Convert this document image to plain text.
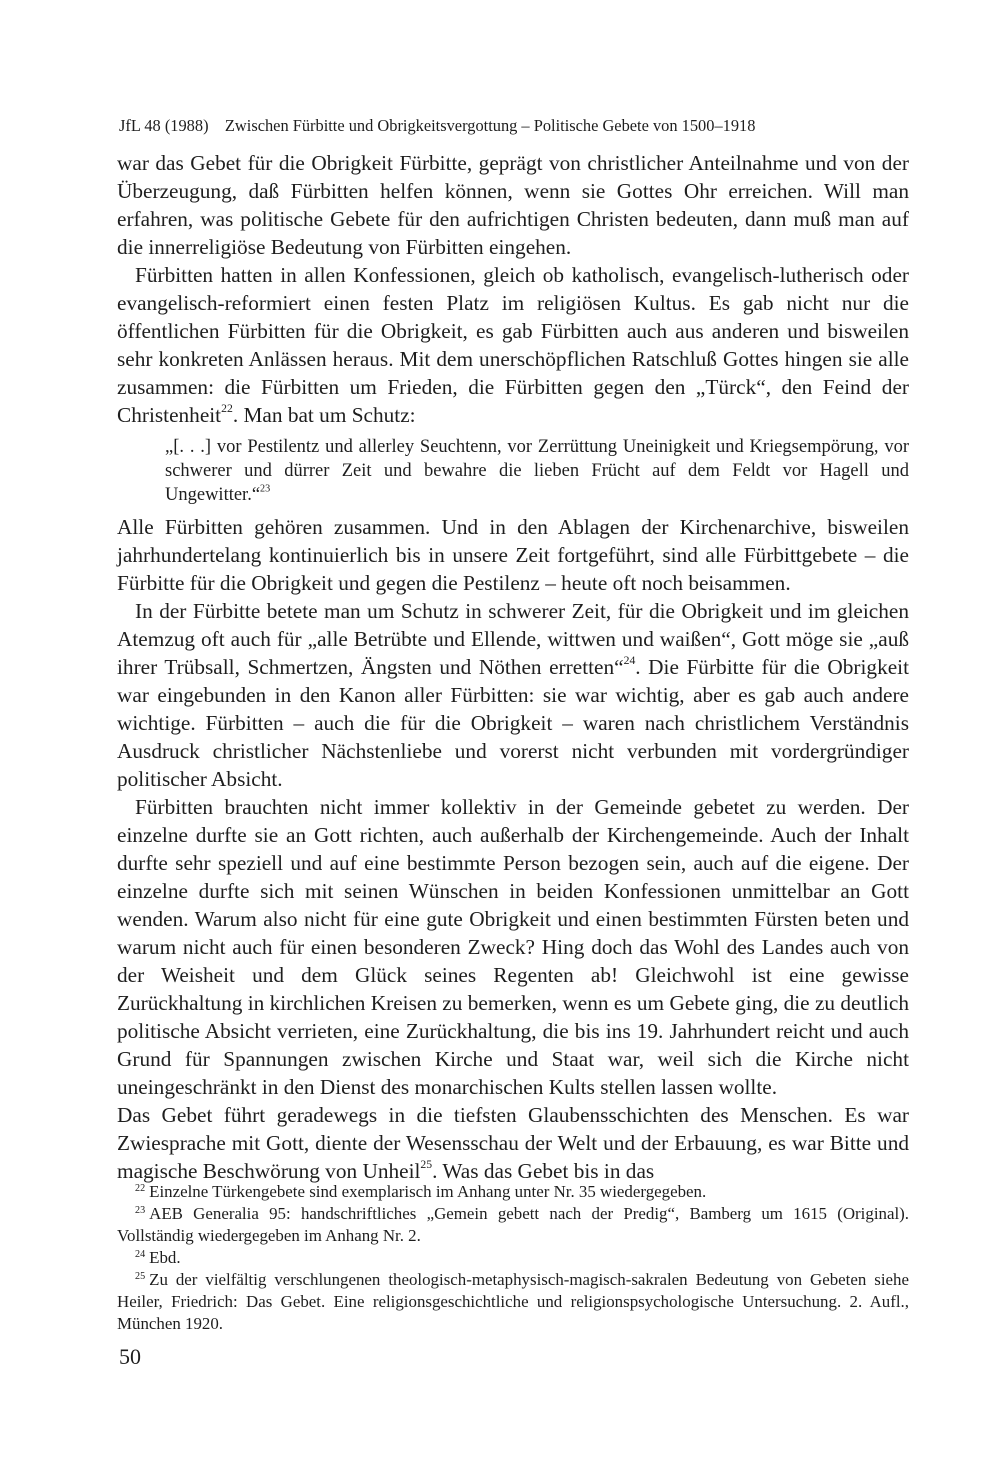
JfL 48 (1988)    Zwischen Fürbitte und Obrigkeitsvergottung – Politische Gebete von 1500–1918

war das Gebet für die Obrigkeit Fürbitte, geprägt von christlicher Anteilnahme und von der Überzeugung, daß Fürbitten helfen können, wenn sie Gottes Ohr erreichen. Will man erfahren, was politische Gebete für den aufrichtigen Christen bedeuten, dann muß man auf die innerreligiöse Bedeutung von Fürbitten eingehen.

Fürbitten hatten in allen Konfessionen, gleich ob katholisch, evangelisch-lutherisch oder evangelisch-reformiert einen festen Platz im religiösen Kultus. Es gab nicht nur die öffentlichen Fürbitten für die Obrigkeit, es gab Fürbitten auch aus anderen und bisweilen sehr konkreten Anlässen heraus. Mit dem unerschöpflichen Ratschluß Gottes hingen sie alle zusammen: die Fürbitten um Frieden, die Fürbitten gegen den „Türck“, den Feind der Christenheit$^{22}$. Man bat um Schutz:

„[. . .] vor Pestilentz und allerley Seuchtenn, vor Zerrüttung Uneinigkeit und Kriegsempörung, vor schwerer und dürrer Zeit und bewahre die lieben Frücht auf dem Feldt vor Hagell und Ungewitter.“$^{23}$

Alle Fürbitten gehören zusammen. Und in den Ablagen der Kirchenarchive, bisweilen jahrhundertelang kontinuierlich bis in unsere Zeit fortgeführt, sind alle Fürbittgebete – die Fürbitte für die Obrigkeit und gegen die Pestilenz – heute oft noch beisammen.

In der Fürbitte betete man um Schutz in schwerer Zeit, für die Obrigkeit und im gleichen Atemzug oft auch für „alle Betrübte und Ellende, wittwen und waißen“, Gott möge sie „auß ihrer Trübsall, Schmertzen, Ängsten und Nöthen erretten“$^{24}$. Die Fürbitte für die Obrigkeit war eingebunden in den Kanon aller Fürbitten: sie war wichtig, aber es gab auch andere wichtige. Fürbitten – auch die für die Obrigkeit – waren nach christlichem Verständnis Ausdruck christlicher Nächstenliebe und vorerst nicht verbunden mit vordergründiger politischer Absicht.

Fürbitten brauchten nicht immer kollektiv in der Gemeinde gebetet zu werden. Der einzelne durfte sie an Gott richten, auch außerhalb der Kirchengemeinde. Auch der Inhalt durfte sehr speziell und auf eine bestimmte Person bezogen sein, auch auf die eigene. Der einzelne durfte sich mit seinen Wünschen in beiden Konfessionen unmittelbar an Gott wenden. Warum also nicht für eine gute Obrigkeit und einen bestimmten Fürsten beten und warum nicht auch für einen besonderen Zweck? Hing doch das Wohl des Landes auch von der Weisheit und dem Glück seines Regenten ab! Gleichwohl ist eine gewisse Zurückhaltung in kirchlichen Kreisen zu bemerken, wenn es um Gebete ging, die zu deutlich politische Absicht verrieten, eine Zurückhaltung, die bis ins 19. Jahrhundert reicht und auch Grund für Spannungen zwischen Kirche und Staat war, weil sich die Kirche nicht uneingeschränkt in den Dienst des monarchischen Kults stellen lassen wollte.

Das Gebet führt geradewegs in die tiefsten Glaubensschichten des Menschen. Es war Zwiesprache mit Gott, diente der Wesensschau der Welt und der Erbauung, es war Bitte und magische Beschwörung von Unheil$^{25}$. Was das Gebet bis in das

$^{22}$ Einzelne Türkengebete sind exemplarisch im Anhang unter Nr. 35 wiedergegeben.

$^{23}$ AEB Generalia 95: handschriftliches „Gemein gebett nach der Predig“, Bamberg um 1615 (Original). Vollständig wiedergegeben im Anhang Nr. 2.

$^{24}$ Ebd.

$^{25}$ Zu der vielfältig verschlungenen theologisch-metaphysisch-magisch-sakralen Bedeutung von Gebeten siehe Heiler, Friedrich: Das Gebet. Eine religionsgeschichtliche und religionspsychologische Untersuchung. 2. Aufl., München 1920.

50
